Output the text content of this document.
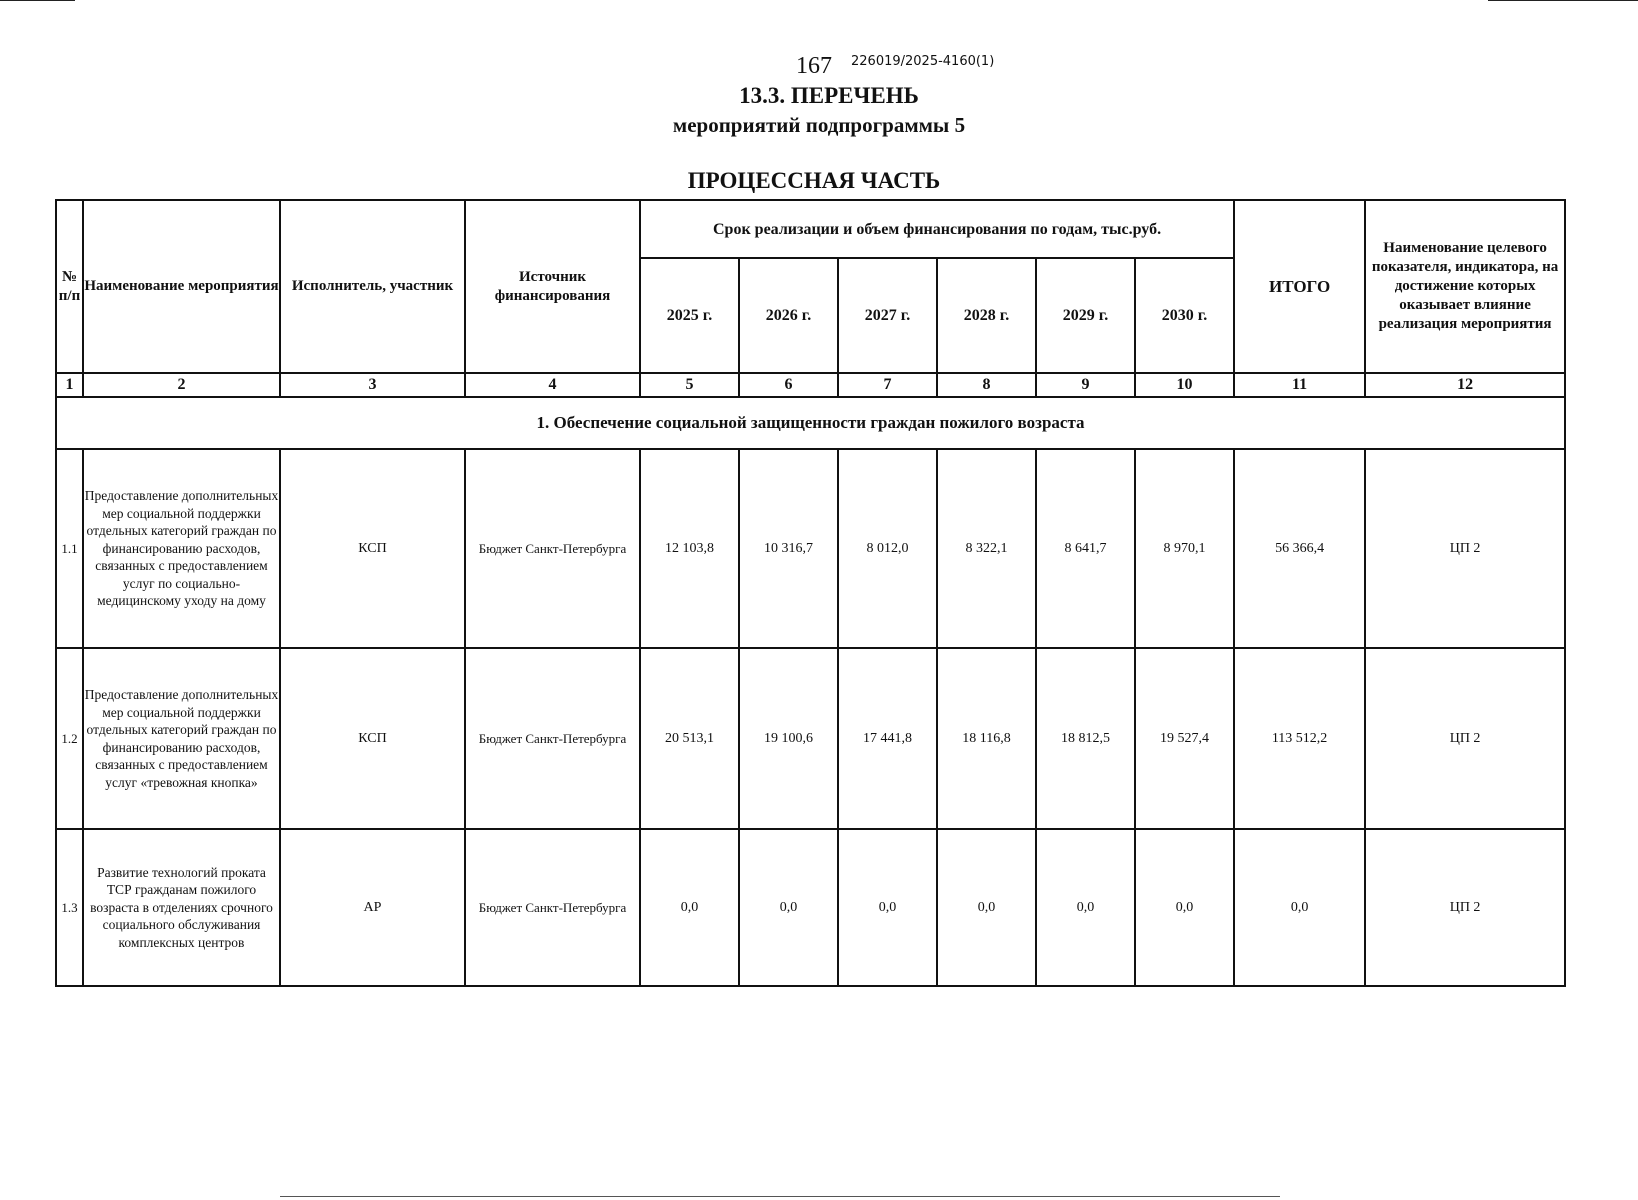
167 226019/2025-4160(1)
13.3. ПЕРЕЧЕНЬ
мероприятий подпрограммы 5
ПРОЦЕССНАЯ ЧАСТЬ
№ п/п	Наименование мероприятия	Исполнитель, участник	Источник финансирования	Срок реализации и объем финансирования по годам, тыс.руб.						ИТОГО	Наименование целевого показателя, индикатора, на достижение которых оказывает влияние реализация мероприятия
				2025 г.	2026 г.	2027 г.	2028 г.	2029 г.	2030 г.		
1	2	3	4	5	6	7	8	9	10	11	12
1. Обеспечение социальной защищенности граждан пожилого возраста											
1.1	Предоставление дополнительных мер социальной поддержки отдельных категорий граждан по финансированию расходов, связанных с предоставлением услуг по социально-медицинскому уходу на дому	КСП	Бюджет Санкт-Петербурга	12 103,8	10 316,7	8 012,0	8 322,1	8 641,7	8 970,1	56 366,4	ЦП 2
1.2	Предоставление дополнительных мер социальной поддержки отдельных категорий граждан по финансированию расходов, связанных с предоставлением услуг «тревожная кнопка»	КСП	Бюджет Санкт-Петербурга	20 513,1	19 100,6	17 441,8	18 116,8	18 812,5	19 527,4	113 512,2	ЦП 2
1.3	Развитие технологий проката ТСР гражданам пожилого возраста в отделениях срочного социального обслуживания комплексных центров	АР	Бюджет Санкт-Петербурга	0,0	0,0	0,0	0,0	0,0	0,0	0,0	ЦП 2
